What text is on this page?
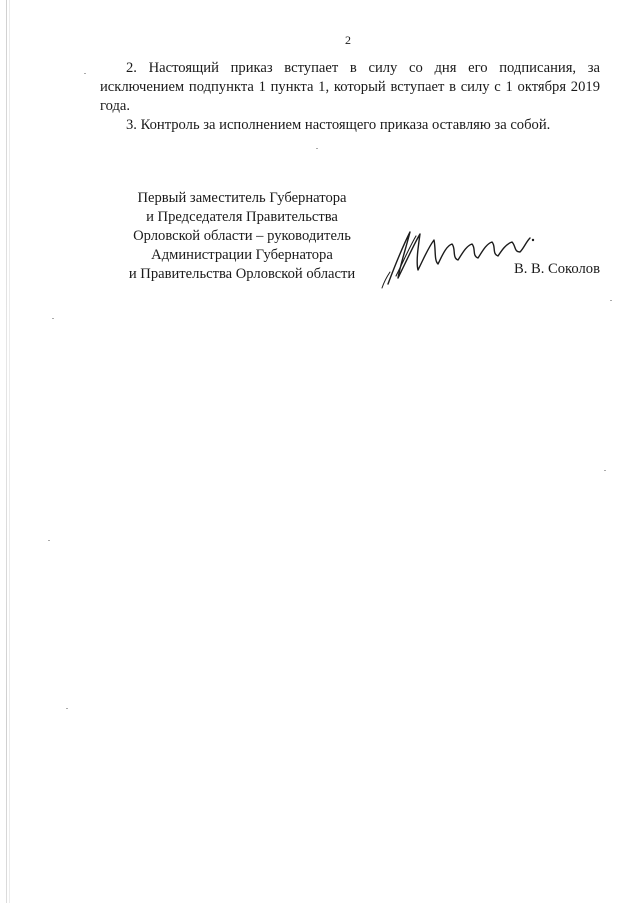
2

2. Настоящий приказ вступает в силу со дня его подписания, за исключением подпункта 1 пункта 1, который вступает в силу с 1 октября 2019 года.

3. Контроль за исполнением настоящего приказа оставляю за собой.

Первый заместитель Губернатора
и Председателя Правительства
Орловской области – руководитель
Администрации Губернатора
и Правительства Орловской области	В. В. Соколов
